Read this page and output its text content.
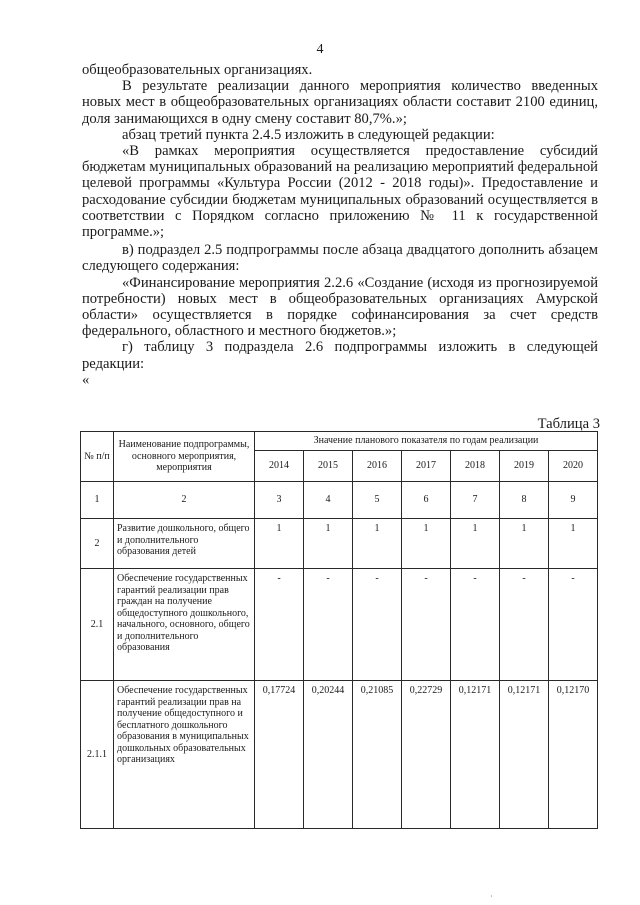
4

общеобразовательных организациях.

В результате реализации данного мероприятия количество введенных новых мест в общеобразовательных организациях области составит 2100 единиц, доля занимающихся в одну смену составит 80,7%.»;

абзац третий пункта 2.4.5 изложить в следующей редакции:

«В рамках мероприятия осуществляется предоставление субсидий бюджетам муниципальных образований на реализацию мероприятий федеральной целевой программы «Культура России (2012 - 2018 годы)». Предоставление и расходование субсидии бюджетам муниципальных образований осуществляется в соответствии с Порядком согласно приложению № 11 к государственной программе.»;

в) подраздел 2.5 подпрограммы после абзаца двадцатого дополнить абзацем следующего содержания:

«Финансирование мероприятия 2.2.6 «Создание (исходя из прогнозируемой потребности) новых мест в общеобразовательных организациях Амурской области» осуществляется в порядке софинансирования за счет средств федерального, областного и местного бюджетов.»;

г) таблицу 3 подраздела 2.6 подпрограммы изложить в следующей редакции:

«

Таблица 3
№ п/п	Наименование подпрограммы, основного мероприятия, мероприятия	Значение планового показателя по годам реализации						
		2014	2015	2016	2017	2018	2019	2020
1	2	3	4	5	6	7	8	9
2	Развитие дошкольного, общего и дополнительного образования детей	1	1	1	1	1	1	1
2.1	Обеспечение государственных гарантий реализации прав граждан на получение общедоступного дошкольного, начального, основного, общего и дополнительного образования	-	-	-	-	-	-	-
2.1.1	Обеспечение государственных гарантий реализации прав на получение общедоступного и бесплатного дошкольного образования в муниципальных дошкольных образовательных организациях	0,17724	0,20244	0,21085	0,22729	0,12171	0,12171	0,12170
·
